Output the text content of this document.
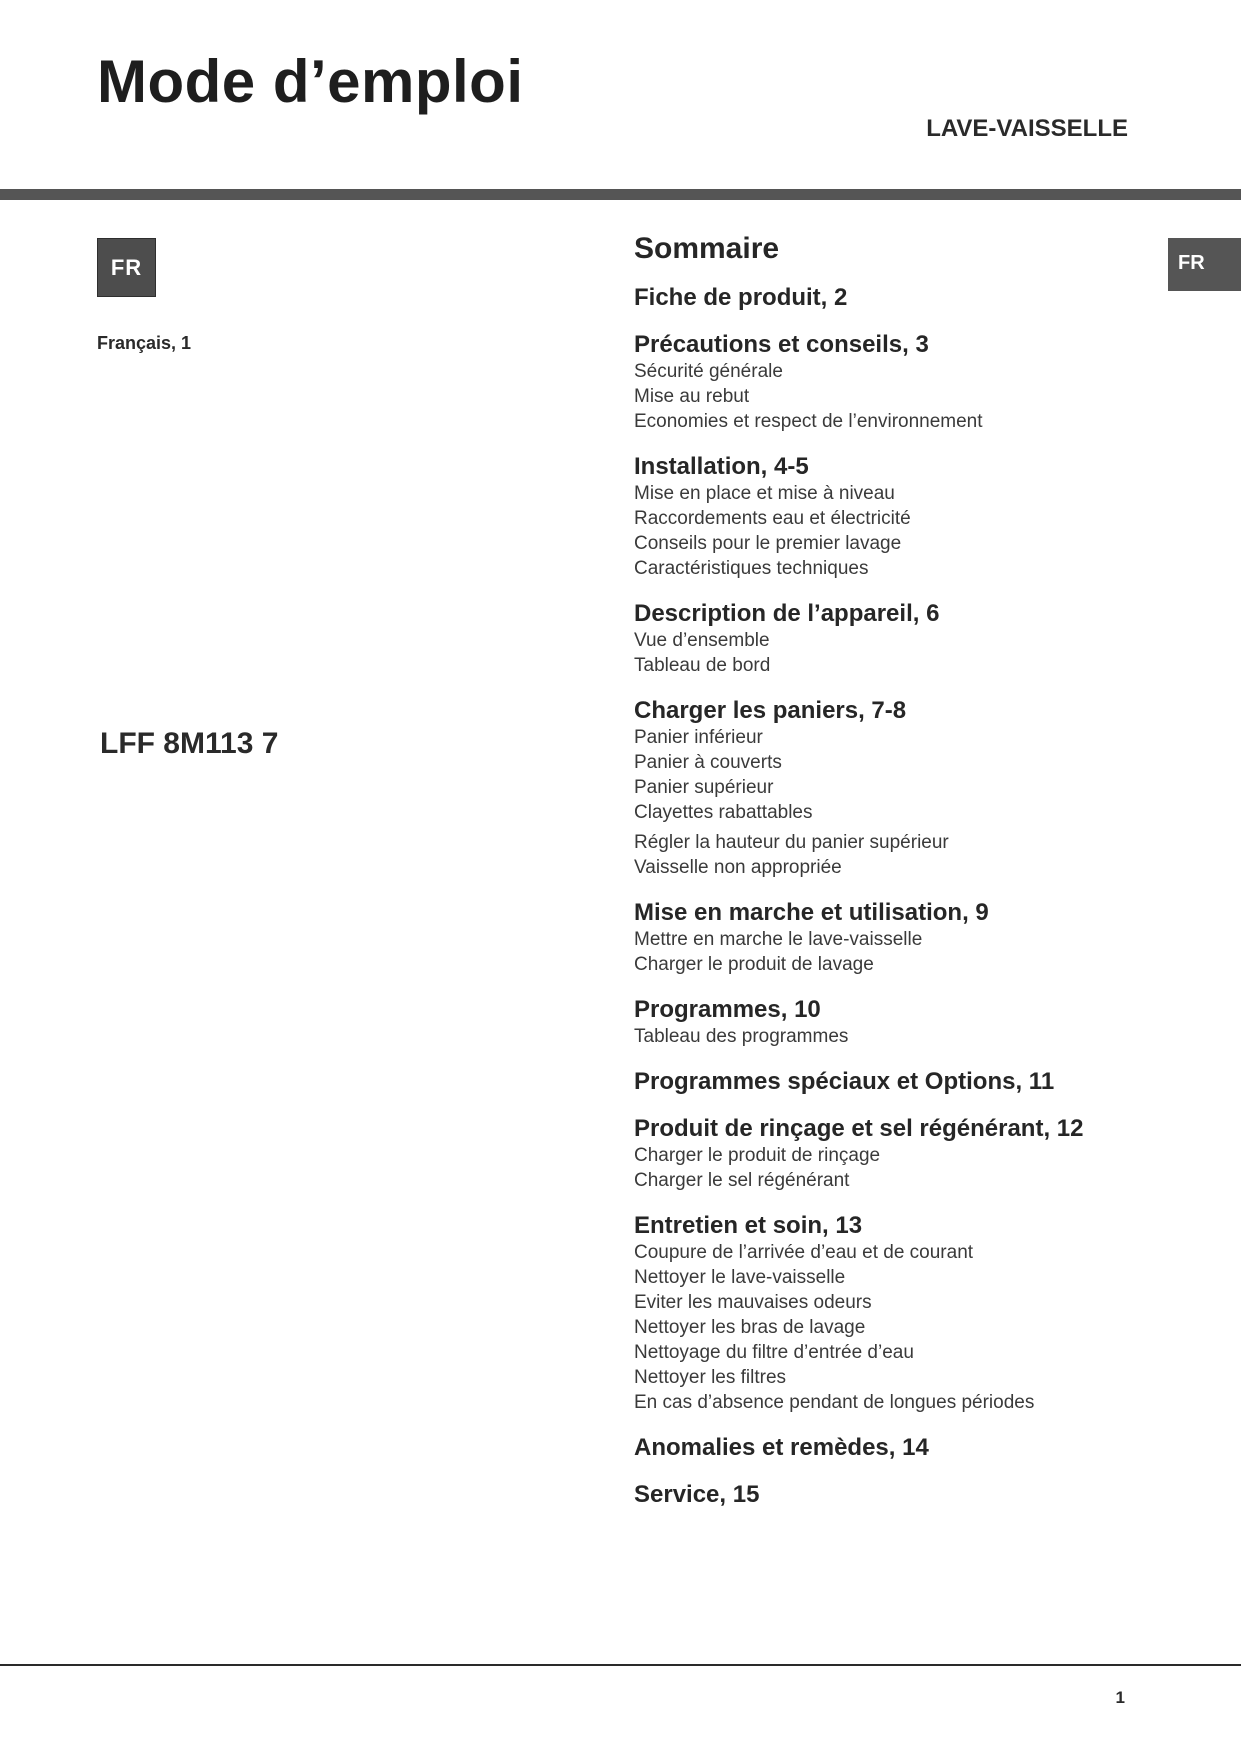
Mode d’emploi
LAVE-VAISSELLE
FR
Français, 1
LFF 8M113 7
FR
Sommaire
Fiche de produit, 2
Précautions et conseils, 3
Sécurité générale
Mise au rebut
Economies et respect de l’environnement
Installation, 4-5
Mise en place et mise à niveau
Raccordements eau et électricité
Conseils pour le premier lavage
Caractéristiques techniques
Description de l’appareil, 6
Vue d’ensemble
Tableau de bord
Charger les paniers, 7-8
Panier inférieur
Panier à couverts
Panier supérieur
Clayettes rabattables
Régler la hauteur du panier supérieur
Vaisselle non appropriée
Mise en marche et utilisation, 9
Mettre en marche le lave-vaisselle
Charger le produit de lavage
Programmes, 10
Tableau des programmes
Programmes spéciaux et Options, 11
Produit de rinçage et sel régénérant, 12
Charger le produit de rinçage
Charger le sel régénérant
Entretien et soin, 13
Coupure de l’arrivée d’eau et de courant
Nettoyer le lave-vaisselle
Eviter les mauvaises odeurs
Nettoyer les bras de lavage
Nettoyage du filtre d’entrée d’eau
Nettoyer les filtres
En cas d’absence pendant de longues périodes
Anomalies et remèdes, 14
Service, 15
1
